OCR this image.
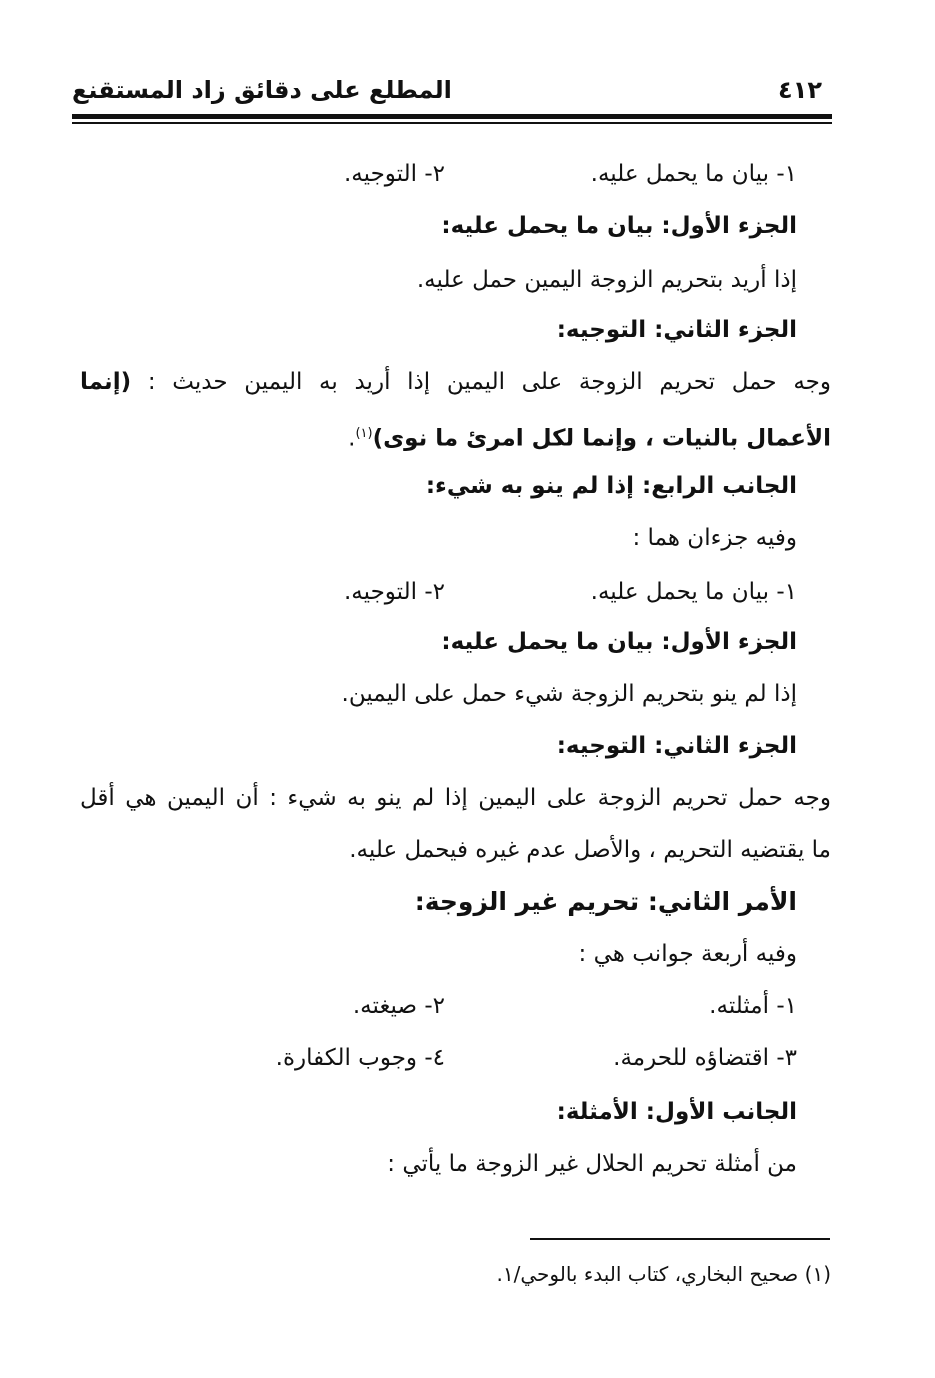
٤١٢
المطلع على دقائق زاد المستقنع
١- بيان ما يحمل عليه.
٢- التوجيه.
الجزء الأول: بيان ما يحمل عليه:
إذا أريد بتحريم الزوجة اليمين حمل عليه.
الجزء الثاني: التوجيه:
وجه حمل تحريم الزوجة على اليمين إذا أريد به اليمين حديث : (إنما
الأعمال بالنيات ، وإنما لكل امرئ ما نوى)$^{(١)}$.
الجانب الرابع: إذا لم ينو به شيء:
وفيه جزءان هما :
١- بيان ما يحمل عليه.
٢- التوجيه.
الجزء الأول: بيان ما يحمل عليه:
إذا لم ينو بتحريم الزوجة شيء حمل على اليمين.
الجزء الثاني: التوجيه:
وجه حمل تحريم الزوجة على اليمين إذا لم ينو به شيء : أن اليمين هي أقل
ما يقتضيه التحريم ، والأصل عدم غيره فيحمل عليه.
الأمر الثاني: تحريم غير الزوجة:
وفيه أربعة جوانب هي :
١- أمثلته.
٢- صيغته.
٣- اقتضاؤه للحرمة.
٤- وجوب الكفارة.
الجانب الأول: الأمثلة:
من أمثلة تحريم الحلال غير الزوجة ما يأتي :
(١) صحيح البخاري، كتاب البدء بالوحي/١.
